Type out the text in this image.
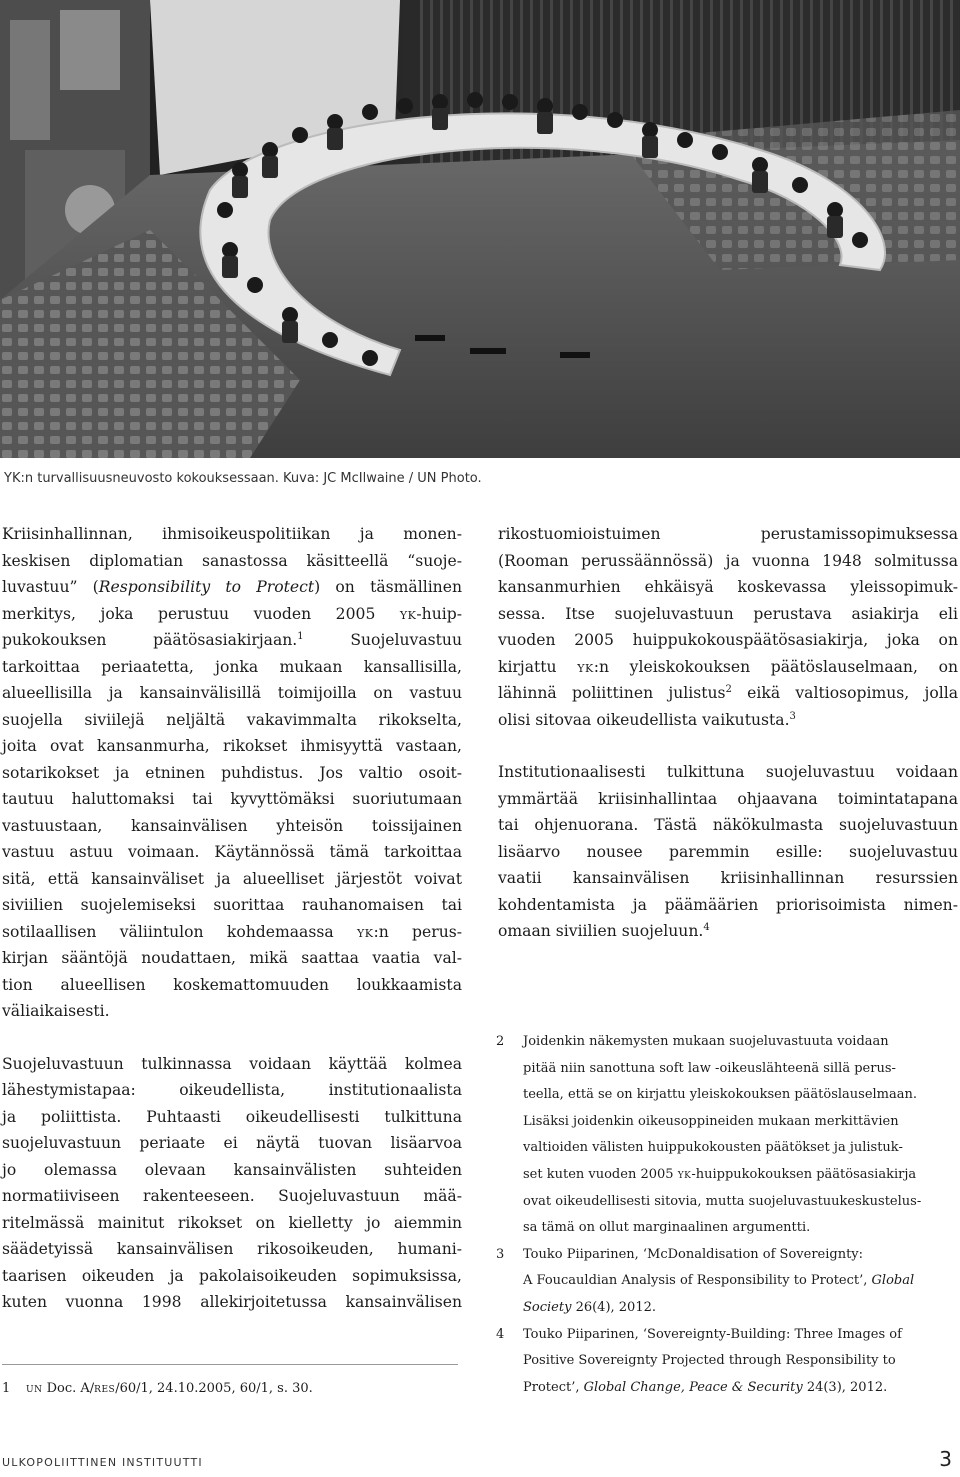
YK:n turvallisuusneuvosto kokouksessaan. Kuva: JC McIlwaine / UN Photo.

Kriisinhallinnan, ihmisoikeuspolitiikan ja monen-
keskisen diplomatian sanastossa käsitteellä “suoje-
luvastuu” (Responsibility to Protect) on täsmällinen
merkitys, joka perustuu vuoden 2005 yk-huip-
pukokouksen päätösasiakirjaan.$^1$ Suojeluvastuu
tarkoittaa periaatetta, jonka mukaan kansallisilla,
alueellisilla ja kansainvälisillä toimijoilla on vastuu
suojella siviilejä neljältä vakavimmalta rikokselta,
joita ovat kansanmurha, rikokset ihmisyyttä vastaan,
sotarikokset ja etninen puhdistus. Jos valtio osoit-
tautuu haluttomaksi tai kyvyttömäksi suoriutumaan
vastuustaan, kansainvälisen yhteisön toissijainen
vastuu astuu voimaan. Käytännössä tämä tarkoittaa
sitä, että kansainväliset ja alueelliset järjestöt voivat
siviilien suojelemiseksi suorittaa rauhanomaisen tai
sotilaallisen väliintulon kohdemaassa yk:n perus-
kirjan sääntöjä noudattaen, mikä saattaa vaatia val-
tion alueellisen koskemattomuuden loukkaamista
väliaikaisesti.

Suojeluvastuun tulkinnassa voidaan käyttää kolmea
lähestymistapaa: oikeudellista, institutionaalista
ja poliittista. Puhtaasti oikeudellisesti tulkittuna
suojeluvastuun periaate ei näytä tuovan lisäarvoa
jo olemassa olevaan kansainvälisten suhteiden
normatiiviseen rakenteeseen. Suojeluvastuun mää-
ritelmässä mainitut rikokset on kielletty jo aiemmin
säädetyissä kansainvälisen rikosoikeuden, humani-
taarisen oikeuden ja pakolaisoikeuden sopimuksissa,
kuten vuonna 1998 allekirjoitetussa kansainvälisen

rikostuomioistuimen perustamissopimuksessa
(Rooman perussäännössä) ja vuonna 1948 solmitussa
kansanmurhien ehkäisyä koskevassa yleissopimuk-
sessa. Itse suojeluvastuun perustava asiakirja eli
vuoden 2005 huippukokouspäätösasiakirja, joka on
kirjattu yk:n yleiskokouksen päätöslauselmaan, on
lähinnä poliittinen julistus$^2$ eikä valtiosopimus, jolla
olisi sitovaa oikeudellista vaikutusta.$^3$

Institutionaalisesti tulkittuna suojeluvastuu voidaan
ymmärtää kriisinhallintaa ohjaavana toimintatapana
tai ohjenuorana. Tästä näkökulmasta suojeluvastuun
lisäarvo nousee paremmin esille: suojeluvastuu
vaatii kansainvälisen kriisinhallinnan resurssien
kohdentamista ja päämäärien priorisoimista nimen-
omaan siviilien suojeluun.$^4$

1 un Doc. A/res/60/1, 24.10.2005, 60/1, s. 30.
2 Joidenkin näkemysten mukaan suojeluvastuuta voidaan
pitää niin sanottuna soft law -oikeuslähteenä sillä perus-
teella, että se on kirjattu yleiskokouksen päätöslauselmaan.
Lisäksi joidenkin oikeusoppineiden mukaan merkittävien
valtioiden välisten huippukokousten päätökset ja julistuk-
set kuten vuoden 2005 yk-huippukokouksen päätösasiakirja
ovat oikeudellisesti sitovia, mutta suojeluvastuukeskustelus-
sa tämä on ollut marginaalinen argumentti.
3 Touko Piiparinen, ‘McDonaldisation of Sovereignty:
A Foucauldian Analysis of Responsibility to Protect’, Global
Society 26(4), 2012.
4 Touko Piiparinen, ‘Sovereignty-Building: Three Images of
Positive Sovereignty Projected through Responsibility to
Protect’, Global Change, Peace & Security 24(3), 2012.
ULKOPOLIITTINEN INSTITUUTTI	3
